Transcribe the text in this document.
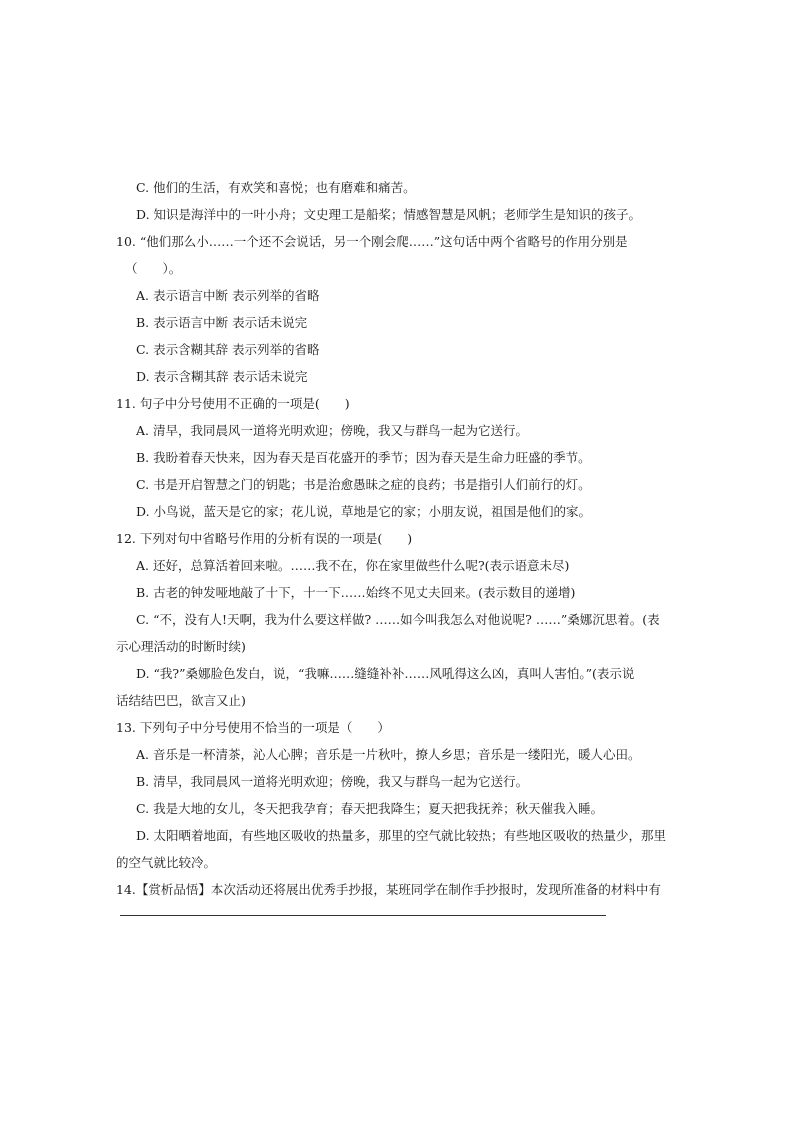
C. 他们的生活，有欢笑和喜悦；也有磨难和痛苦。
D. 知识是海洋中的一叶小舟；文史理工是船桨；情感智慧是风帆；老师学生是知识的孩子。
10. “他们那么小……一个还不会说话，另一个刚会爬……”这句话中两个省略号的作用分别是
（　　）。
A. 表示语言中断 表示列举的省略
B. 表示语言中断 表示话未说完
C. 表示含糊其辞 表示列举的省略
D. 表示含糊其辞 表示话未说完
11. 句子中分号使用不正确的一项是(　　)
A. 清早，我同晨风一道将光明欢迎；傍晚，我又与群鸟一起为它送行。
B. 我盼着春天快来，因为春天是百花盛开的季节；因为春天是生命力旺盛的季节。
C. 书是开启智慧之门的钥匙；书是治愈愚昧之症的良药；书是指引人们前行的灯。
D. 小鸟说，蓝天是它的家；花儿说，草地是它的家；小朋友说，祖国是他们的家。
12. 下列对句中省略号作用的分析有误的一项是(　　)
A. 还好，总算活着回来啦。……我不在，你在家里做些什么呢?(表示语意未尽)
B. 古老的钟发哑地敲了十下，十一下……始终不见丈夫回来。(表示数目的递增)
C. “不，没有人!天啊，我为什么要这样做? ……如今叫我怎么对他说呢? ……”桑娜沉思着。(表
示心理活动的时断时续)
D. “我?”桑娜脸色发白，说，“我嘛……缝缝补补……风吼得这么凶，真叫人害怕。”(表示说
话结结巴巴，欲言又止)
13. 下列句子中分号使用不恰当的一项是（　　）
A. 音乐是一杯清茶，沁人心脾；音乐是一片秋叶，撩人乡思；音乐是一缕阳光，暖人心田。
B. 清早，我同晨风一道将光明欢迎；傍晚，我又与群鸟一起为它送行。
C. 我是大地的女儿，冬天把我孕育；春天把我降生；夏天把我抚养；秋天催我入睡。
D. 太阳晒着地面，有些地区吸收的热量多，那里的空气就比较热；有些地区吸收的热量少，那里
的空气就比较冷。
14.【赏析品悟】本次活动还将展出优秀手抄报，某班同学在制作手抄报时，发现所准备的材料中有
